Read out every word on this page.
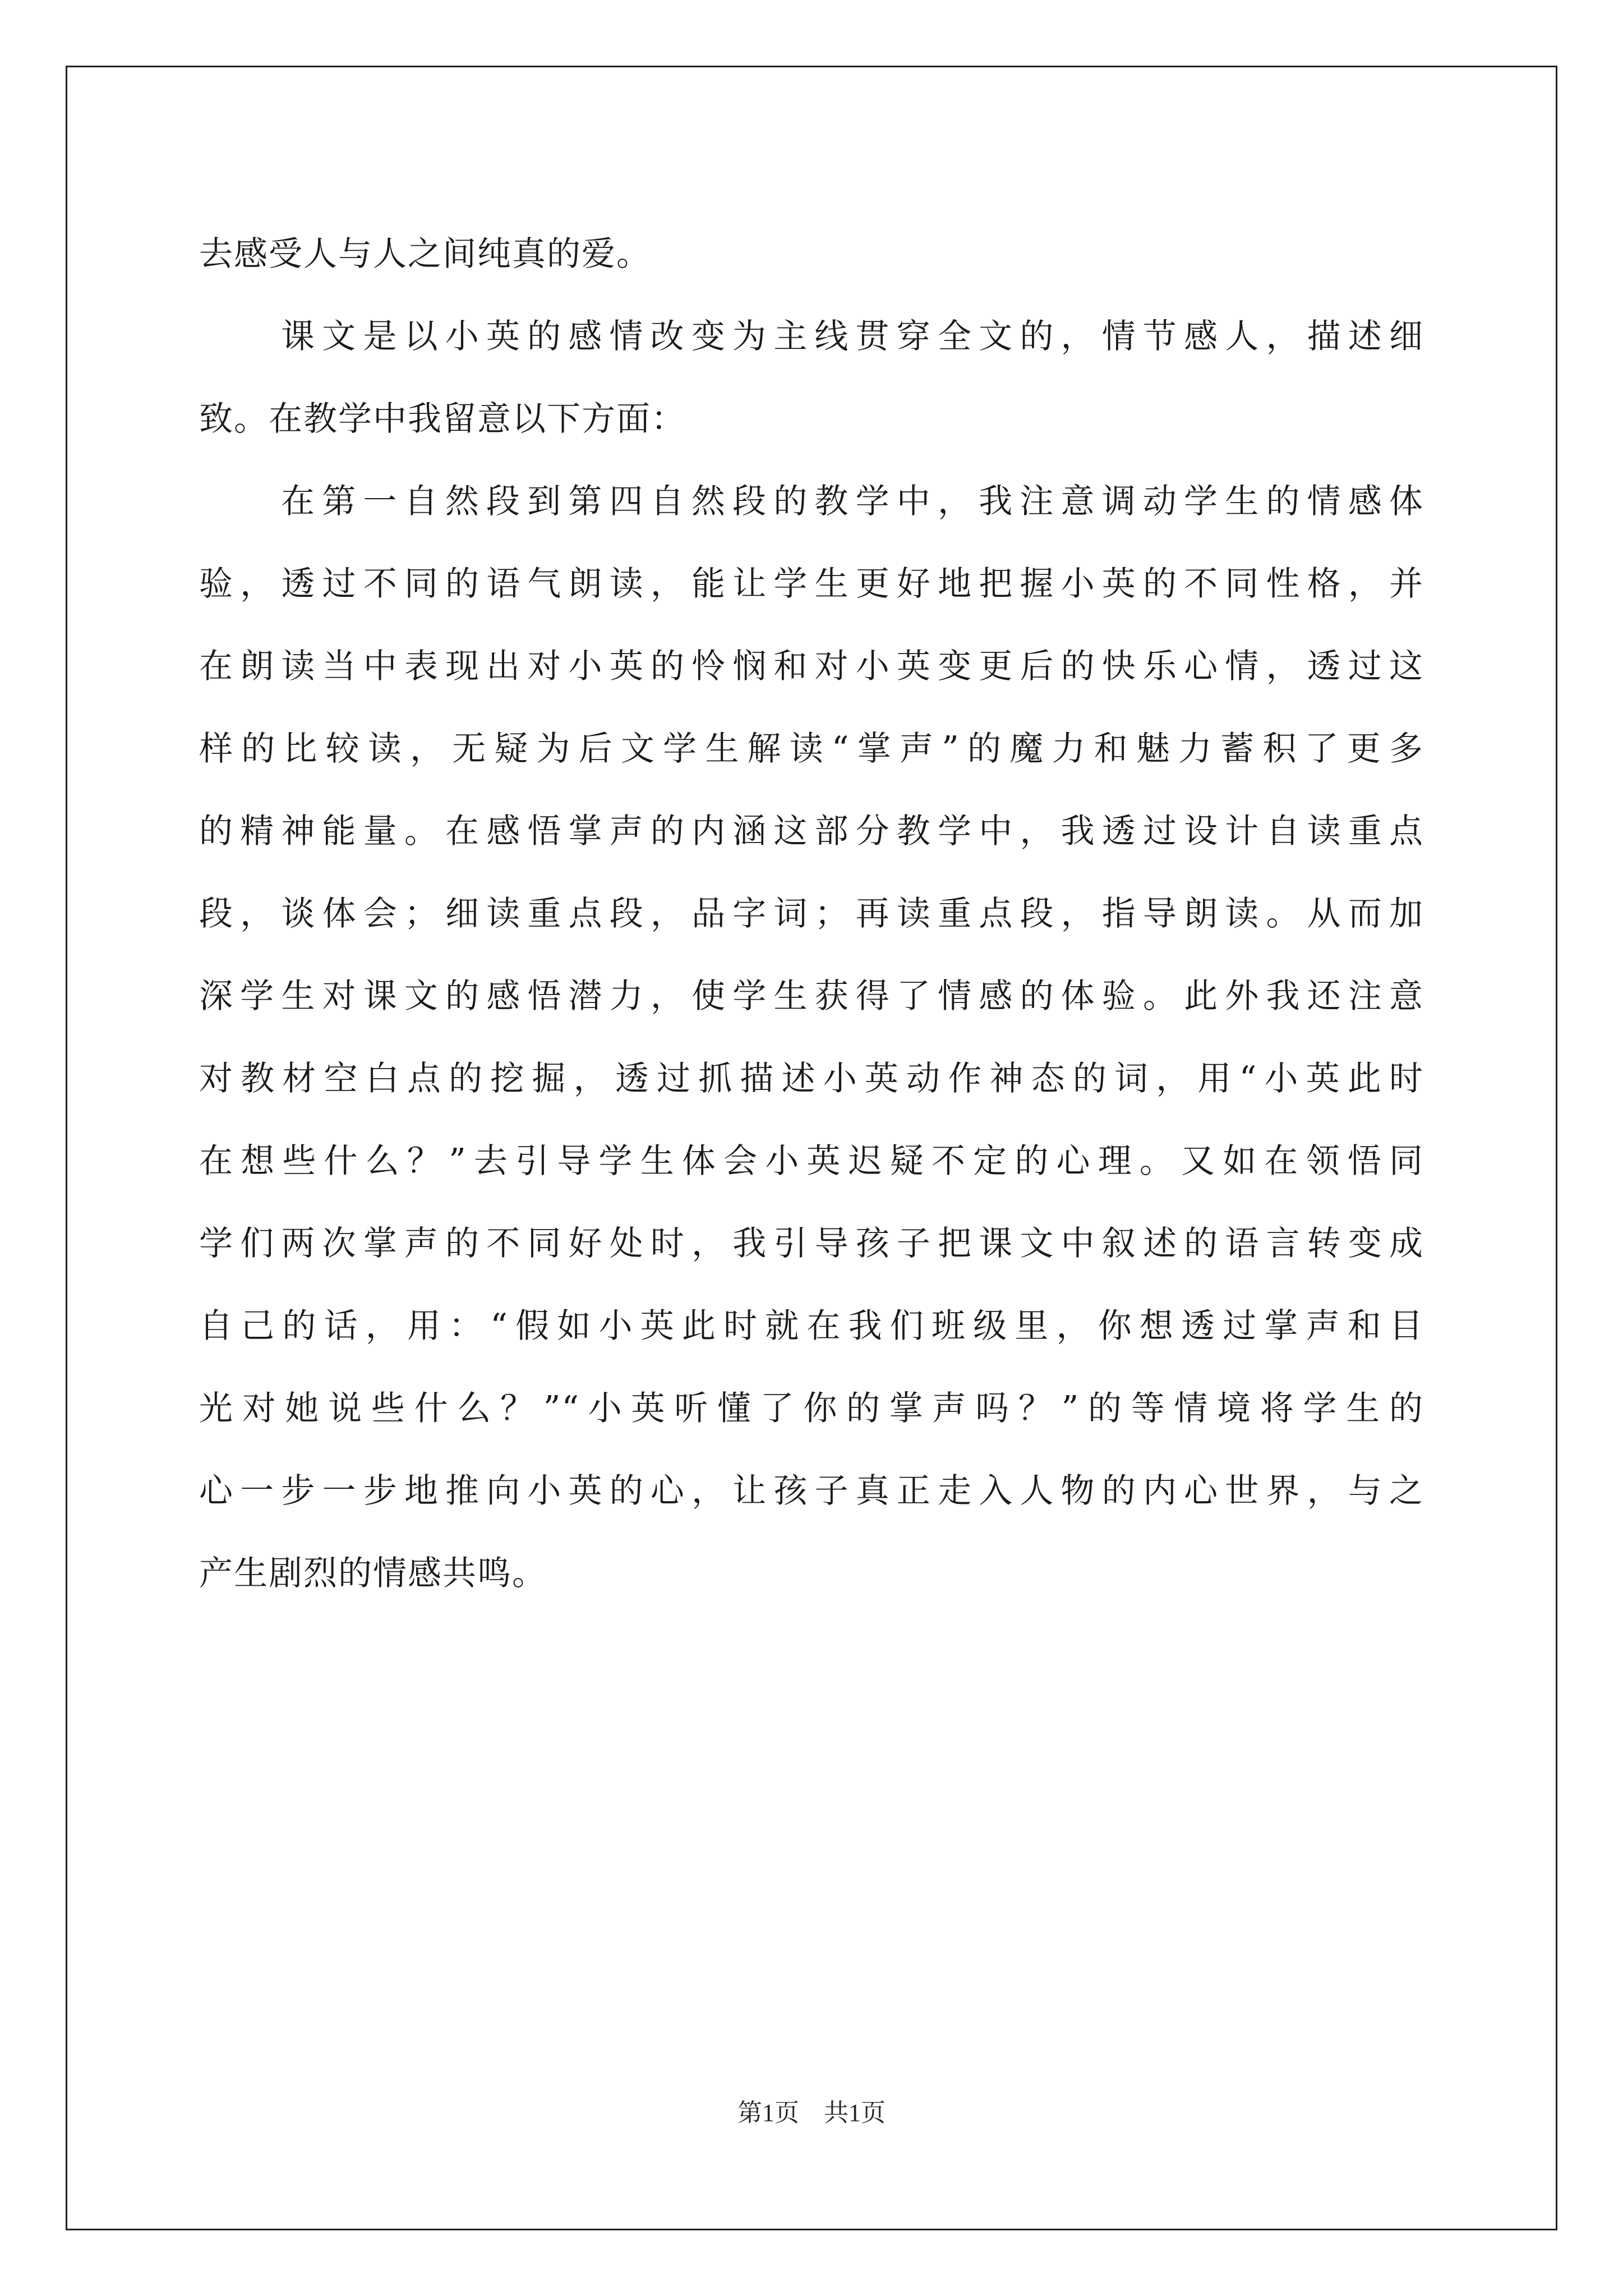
去感受人与人之间纯真的爱。
课文是以小英的感情改变为主线贯穿全文的，情节感人，描述细
致。在教学中我留意以下方面：
在第一自然段到第四自然段的教学中，我注意调动学生的情感体
验，透过不同的语气朗读，能让学生更好地把握小英的不同性格，并
在朗读当中表现出对小英的怜悯和对小英变更后的快乐心情，透过这
样的比较读，无疑为后文学生解读“掌声”的魔力和魅力蓄积了更多
的精神能量。在感悟掌声的内涵这部分教学中，我透过设计自读重点
段，谈体会；细读重点段，品字词；再读重点段，指导朗读。从而加
深学生对课文的感悟潜力，使学生获得了情感的体验。此外我还注意
对教材空白点的挖掘，透过抓描述小英动作神态的词，用“小英此时
在想些什么？”去引导学生体会小英迟疑不定的心理。又如在领悟同
学们两次掌声的不同好处时，我引导孩子把课文中叙述的语言转变成
自己的话，用：“假如小英此时就在我们班级里，你想透过掌声和目
光对她说些什么？”“小英听懂了你的掌声吗？”的等情境将学生的
心一步一步地推向小英的心，让孩子真正走入人物的内心世界，与之
产生剧烈的情感共鸣。
第1页　共1页
